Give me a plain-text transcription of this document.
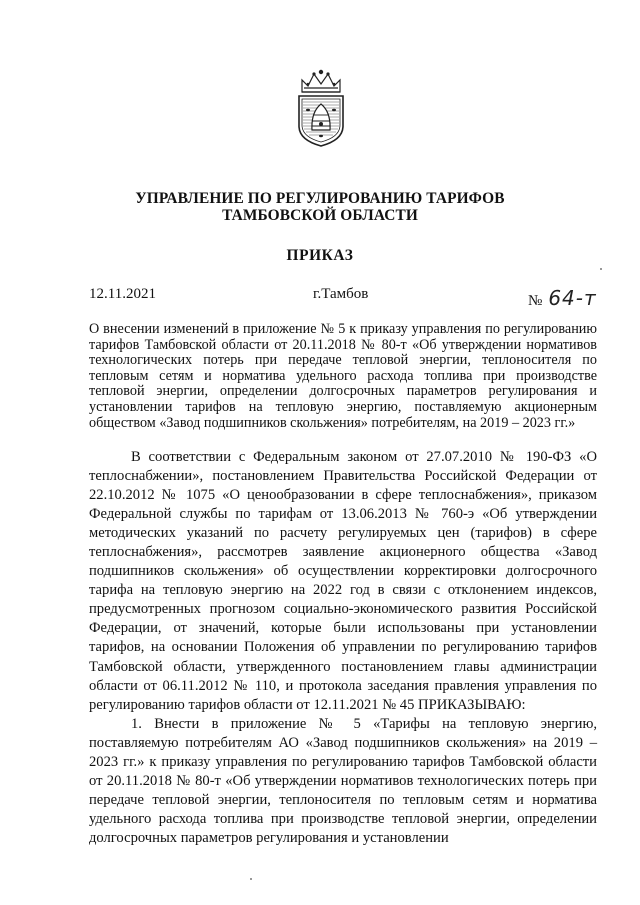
УПРАВЛЕНИЕ ПО РЕГУЛИРОВАНИЮ ТАРИФОВ
ТАМБОВСКОЙ ОБЛАСТИ
ПРИКАЗ
12.11.2021	г.Тамбов	№ 64-т
О внесении изменений в приложение № 5 к приказу управления по регулированию тарифов Тамбовской области от 20.11.2018 № 80-т «Об утверждении нормативов технологических потерь при передаче тепловой энергии, теплоносителя по тепловым сетям и норматива удельного расхода топлива при производстве тепловой энергии, определении долгосрочных параметров регулирования и установлении тарифов на тепловую энергию, поставляемую акционерным обществом «Завод подшипников скольжения» потребителям, на 2019 – 2023 гг.»

В соответствии с Федеральным законом от 27.07.2010 № 190-ФЗ «О теплоснабжении», постановлением Правительства Российской Федерации от 22.10.2012 № 1075 «О ценообразовании в сфере теплоснабжения», приказом Федеральной службы по тарифам от 13.06.2013 № 760-э «Об утверждении методических указаний по расчету регулируемых цен (тарифов) в сфере теплоснабжения», рассмотрев заявление акционерного общества «Завод подшипников скольжения» об осуществлении корректировки долгосрочного тарифа на тепловую энергию на 2022 год в связи с отклонением индексов, предусмотренных прогнозом социально-экономического развития Российской Федерации, от значений, которые были использованы при установлении тарифов, на основании Положения об управлении по регулированию тарифов Тамбовской области, утвержденного постановлением главы администрации области от 06.11.2012 № 110, и протокола заседания правления управления по регулированию тарифов области от 12.11.2021 № 45 ПРИКАЗЫВАЮ:

1. Внести в приложение № 5 «Тарифы на тепловую энергию, поставляемую потребителям АО «Завод подшипников скольжения» на 2019 – 2023 гг.» к приказу управления по регулированию тарифов Тамбовской области от 20.11.2018 № 80-т «Об утверждении нормативов технологических потерь при передаче тепловой энергии, теплоносителя по тепловым сетям и норматива удельного расхода топлива при производстве тепловой энергии, определении долгосрочных параметров регулирования и установлении
